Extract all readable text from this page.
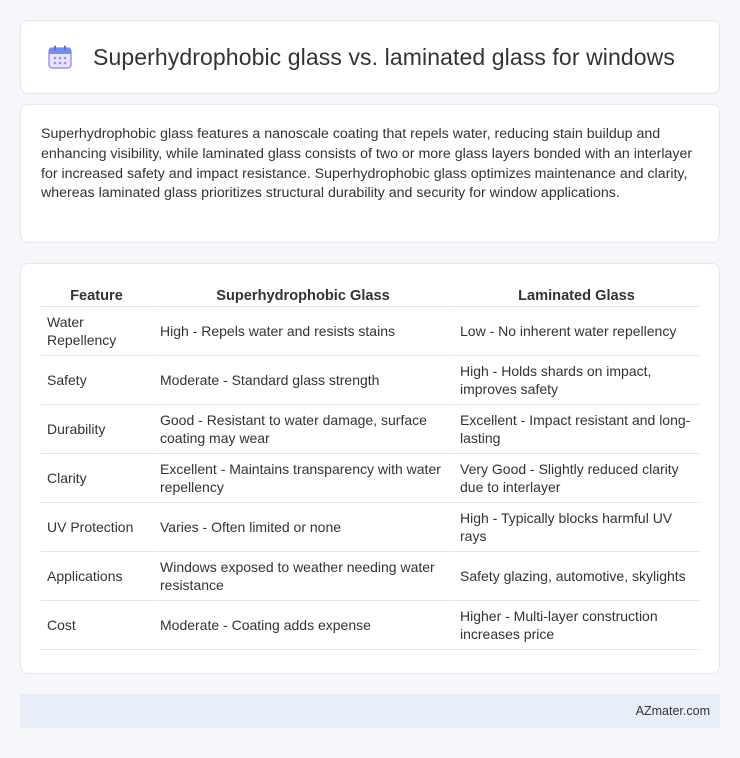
Superhydrophobic glass vs. laminated glass for windows

Superhydrophobic glass features a nanoscale coating that repels water, reducing stain buildup and enhancing visibility, while laminated glass consists of two or more glass layers bonded with an interlayer for increased safety and impact resistance. Superhydrophobic glass optimizes maintenance and clarity, whereas laminated glass prioritizes structural durability and security for window applications.

Feature	Superhydrophobic Glass	Laminated Glass
Water Repellency	High - Repels water and resists stains	Low - No inherent water repellency
Safety	Moderate - Standard glass strength	High - Holds shards on impact, improves safety
Durability	Good - Resistant to water damage, surface coating may wear	Excellent - Impact resistant and long-lasting
Clarity	Excellent - Maintains transparency with water repellency	Very Good - Slightly reduced clarity due to interlayer
UV Protection	Varies - Often limited or none	High - Typically blocks harmful UV rays
Applications	Windows exposed to weather needing water resistance	Safety glazing, automotive, skylights
Cost	Moderate - Coating adds expense	Higher - Multi-layer construction increases price
AZmater.com
